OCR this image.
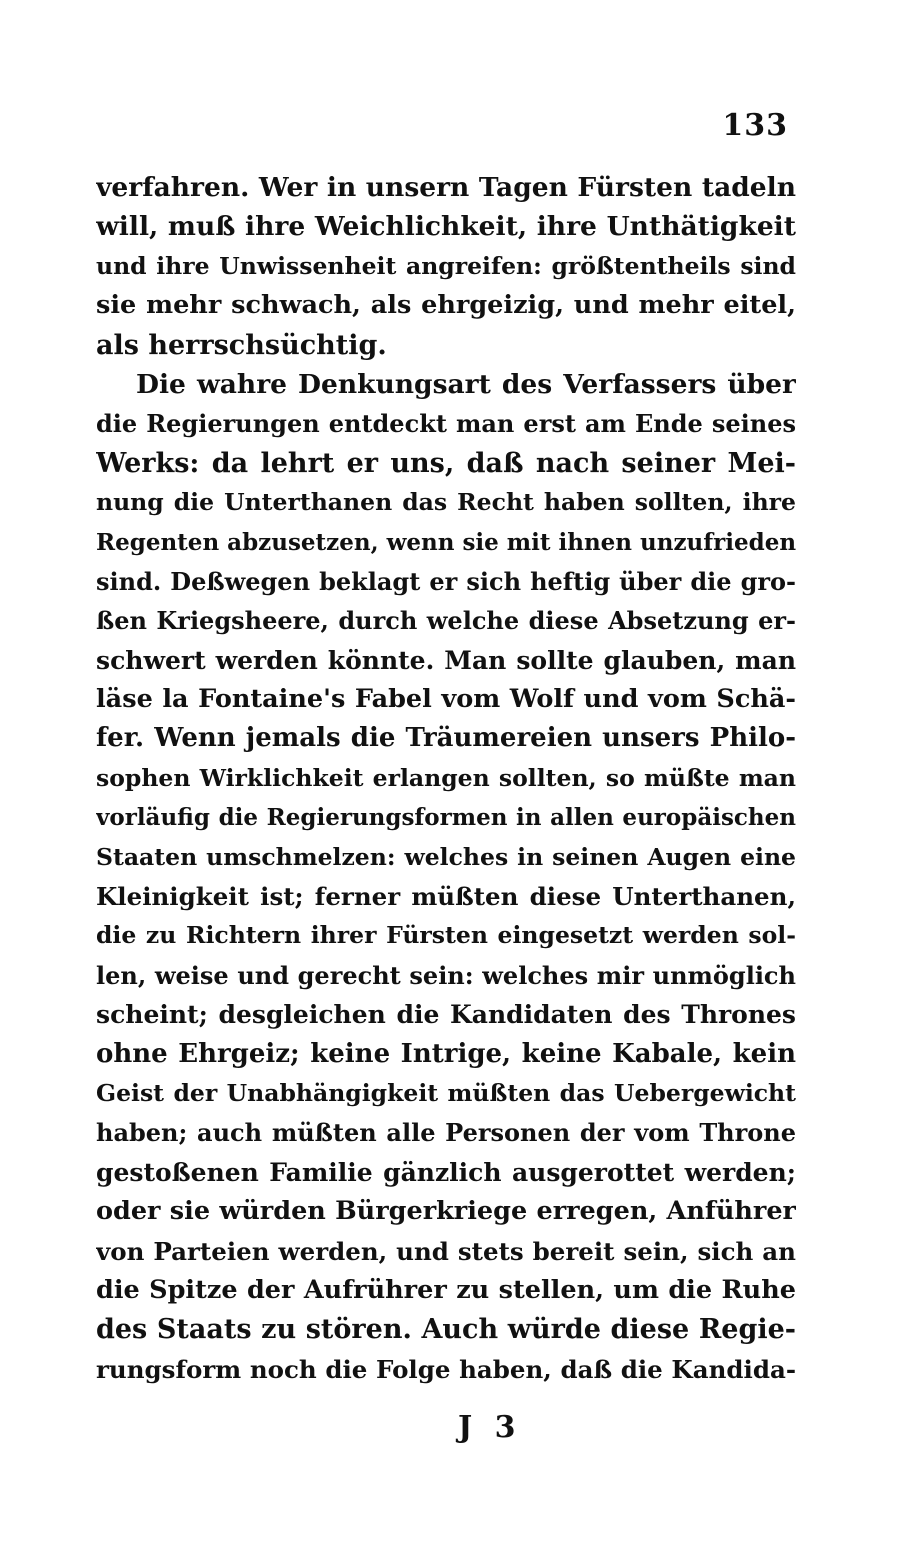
133
verfahren. Wer in unsern Tagen Fürsten tadeln
will, muß ihre Weichlichkeit, ihre Unthätigkeit
und ihre Unwissenheit angreifen: größtentheils sind
sie mehr schwach, als ehrgeizig, und mehr eitel,
als herrschsüchtig.
Die wahre Denkungsart des Verfassers über
die Regierungen entdeckt man erst am Ende seines
Werks: da lehrt er uns, daß nach seiner Mei-
nung die Unterthanen das Recht haben sollten, ihre
Regenten abzusetzen, wenn sie mit ihnen unzufrieden
sind. Deßwegen beklagt er sich heftig über die gro-
ßen Kriegsheere, durch welche diese Absetzung er-
schwert werden könnte. Man sollte glauben, man
läse la Fontaine's Fabel vom Wolf und vom Schä-
fer. Wenn jemals die Träumereien unsers Philo-
sophen Wirklichkeit erlangen sollten, so müßte man
vorläufig die Regierungsformen in allen europäischen
Staaten umschmelzen: welches in seinen Augen eine
Kleinigkeit ist; ferner müßten diese Unterthanen,
die zu Richtern ihrer Fürsten eingesetzt werden sol-
len, weise und gerecht sein: welches mir unmöglich
scheint; desgleichen die Kandidaten des Thrones
ohne Ehrgeiz; keine Intrige, keine Kabale, kein
Geist der Unabhängigkeit müßten das Uebergewicht
haben; auch müßten alle Personen der vom Throne
gestoßenen Familie gänzlich ausgerottet werden;
oder sie würden Bürgerkriege erregen, Anführer
von Parteien werden, und stets bereit sein, sich an
die Spitze der Aufrührer zu stellen, um die Ruhe
des Staats zu stören. Auch würde diese Regie-
rungsform noch die Folge haben, daß die Kandida-
J 3
